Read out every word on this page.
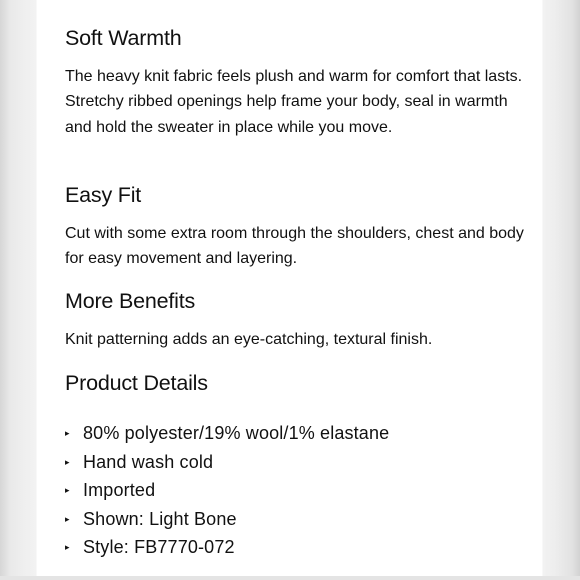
Soft Warmth

The heavy knit fabric feels plush and warm for comfort that lasts. Stretchy ribbed openings help frame your body, seal in warmth and hold the sweater in place while you move.

Easy Fit

Cut with some extra room through the shoulders, chest and body for easy movement and layering.

More Benefits

Knit patterning adds an eye-catching, textural finish.

Product Details
▸ 80% polyester/19% wool/1% elastane
▸ Hand wash cold
▸ Imported
▸ Shown: Light Bone
▸ Style: FB7770-072
